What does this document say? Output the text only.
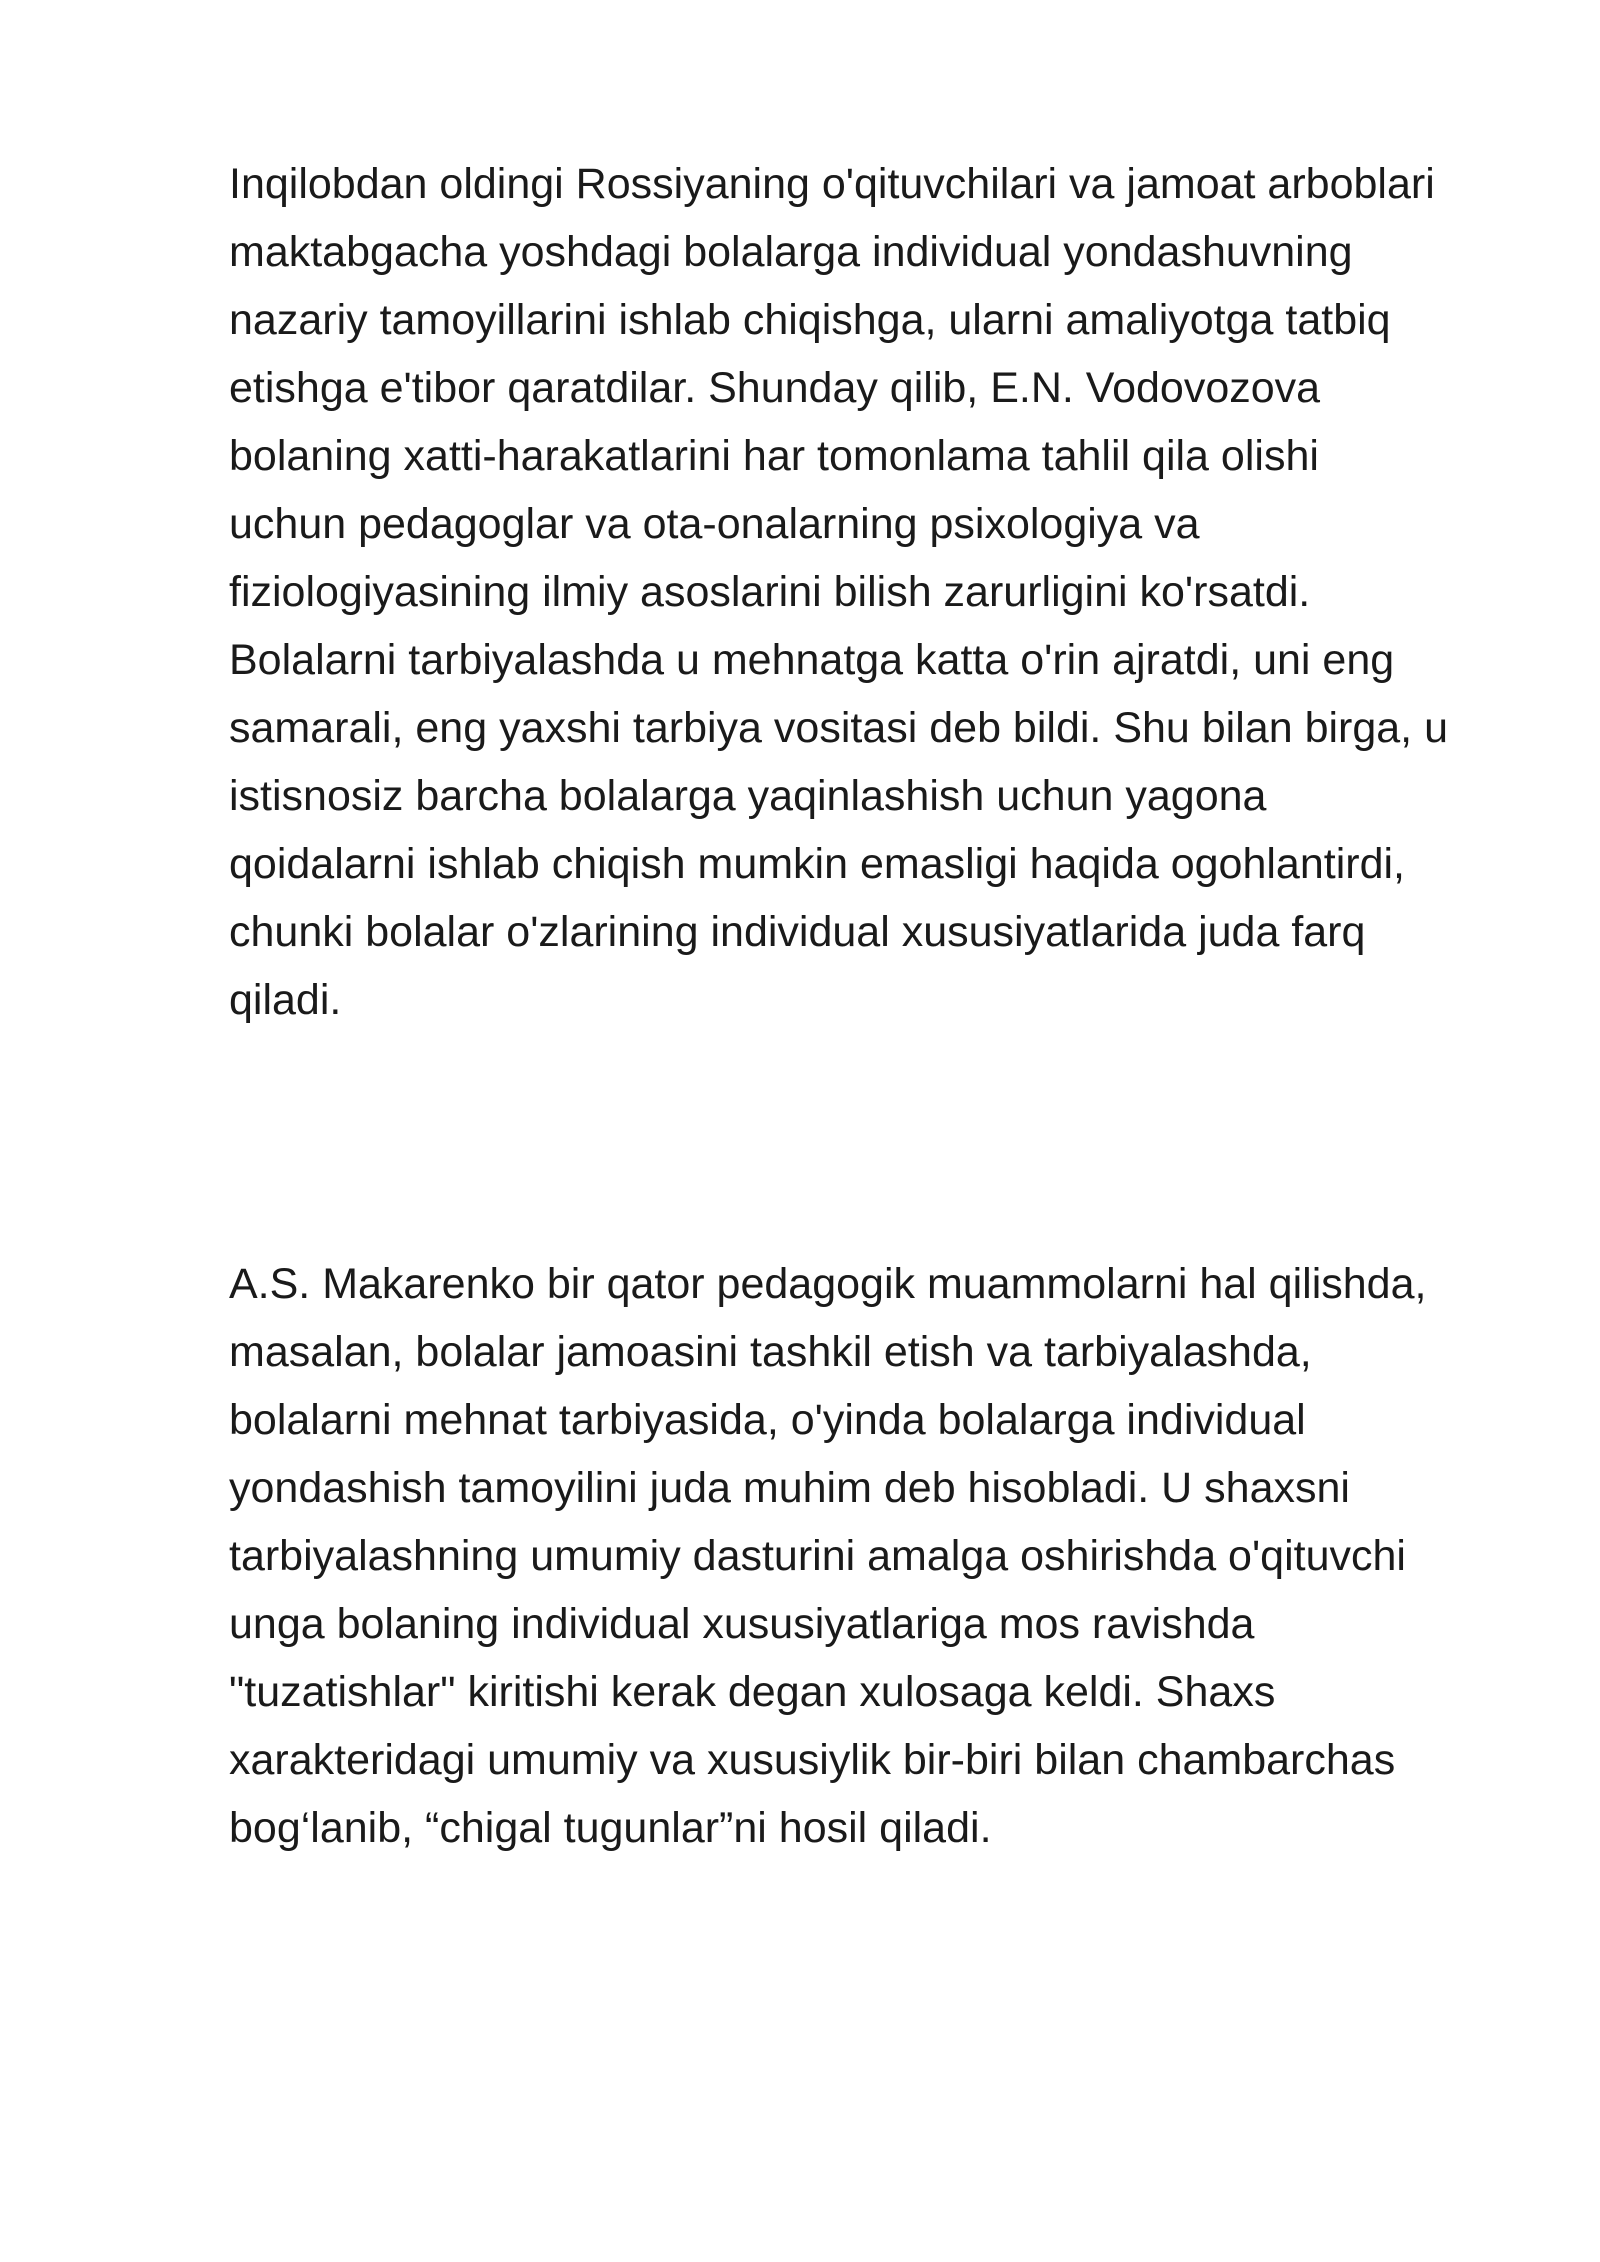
Inqilobdan oldingi Rossiyaning o'qituvchilari va jamoat arboblari
maktabgacha yoshdagi bolalarga individual yondashuvning
nazariy tamoyillarini ishlab chiqishga, ularni amaliyotga tatbiq
etishga e'tibor qaratdilar. Shunday qilib, E.N. Vodovozova
bolaning xatti-harakatlarini har tomonlama tahlil qila olishi
uchun pedagoglar va ota-onalarning psixologiya va
fiziologiyasining ilmiy asoslarini bilish zarurligini ko'rsatdi.
Bolalarni tarbiyalashda u mehnatga katta o'rin ajratdi, uni eng
samarali, eng yaxshi tarbiya vositasi deb bildi. Shu bilan birga, u
istisnosiz barcha bolalarga yaqinlashish uchun yagona
qoidalarni ishlab chiqish mumkin emasligi haqida ogohlantirdi,
chunki bolalar o'zlarining individual xususiyatlarida juda farq
qiladi.

A.S. Makarenko bir qator pedagogik muammolarni hal qilishda,
masalan, bolalar jamoasini tashkil etish va tarbiyalashda,
bolalarni mehnat tarbiyasida, o'yinda bolalarga individual
yondashish tamoyilini juda muhim deb hisobladi. U shaxsni
tarbiyalashning umumiy dasturini amalga oshirishda o'qituvchi
unga bolaning individual xususiyatlariga mos ravishda
"tuzatishlar" kiritishi kerak degan xulosaga keldi. Shaxs
xarakteridagi umumiy va xususiylik bir-biri bilan chambarchas
bog‘lanib, “chigal tugunlar”ni hosil qiladi.
